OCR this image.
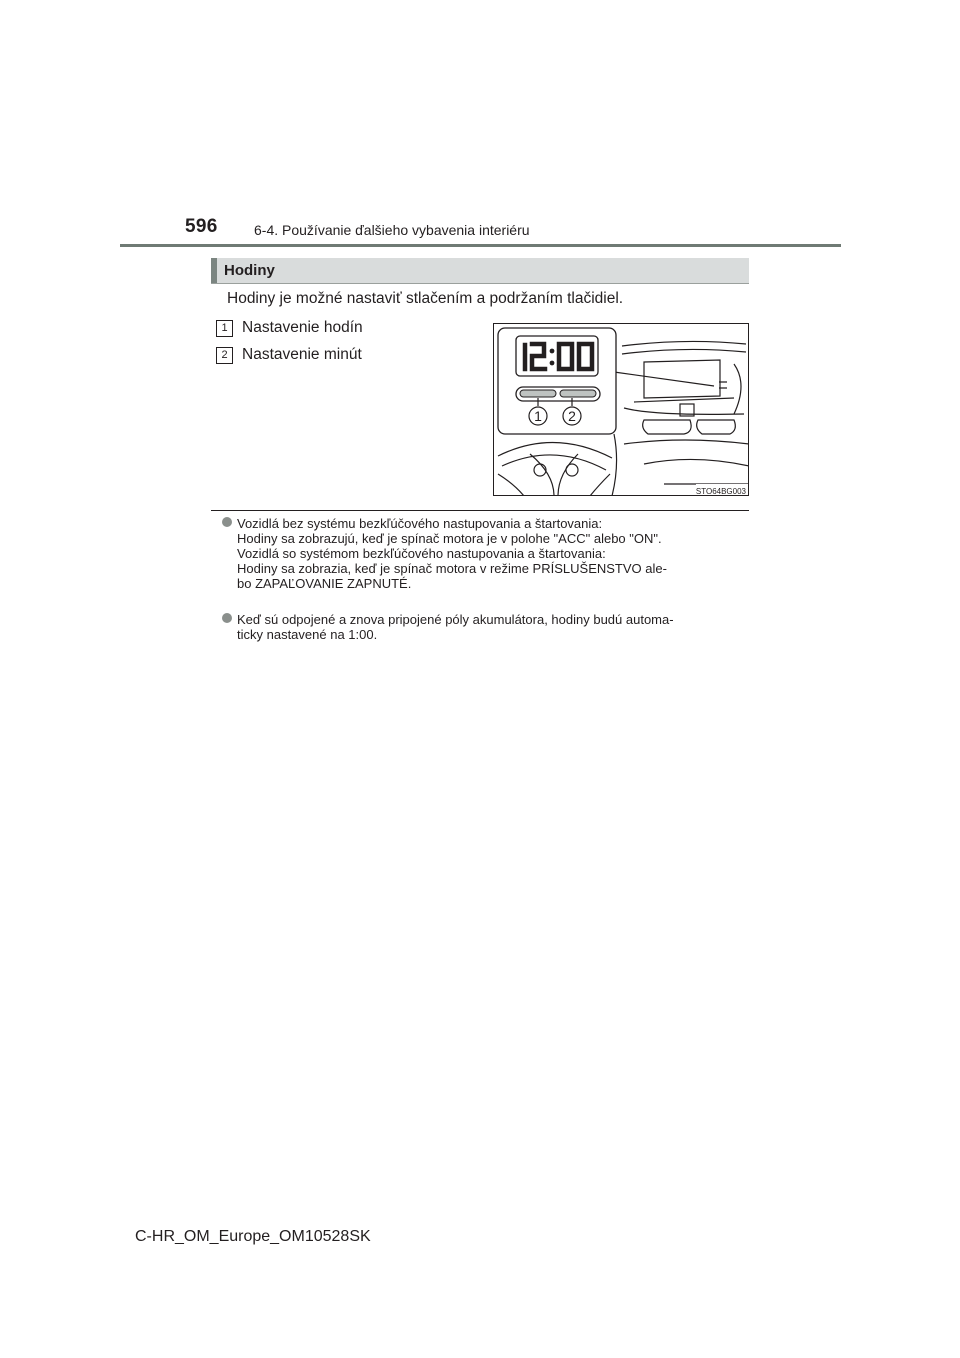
596	6-4. Používanie ďalšieho vybavenia interiéru
Hodiny
Hodiny je možné nastaviť stlačením a podržaním tlačidiel.
1 Nastavenie hodín
2 Nastavenie minút
1 2
STO64BG003
Vozidlá bez systému bezkľúčového nastupovania a štartovania:
Hodiny sa zobrazujú, keď je spínač motora je v polohe "ACC" alebo "ON".
Vozidlá so systémom bezkľúčového nastupovania a štartovania:
Hodiny sa zobrazia, keď je spínač motora v režime PRÍSLUŠENSTVO ale-
bo ZAPAĽOVANIE ZAPNUTÉ.
Keď sú odpojené a znova pripojené póly akumulátora, hodiny budú automa-
ticky nastavené na 1:00.
C-HR_OM_Europe_OM10528SK
